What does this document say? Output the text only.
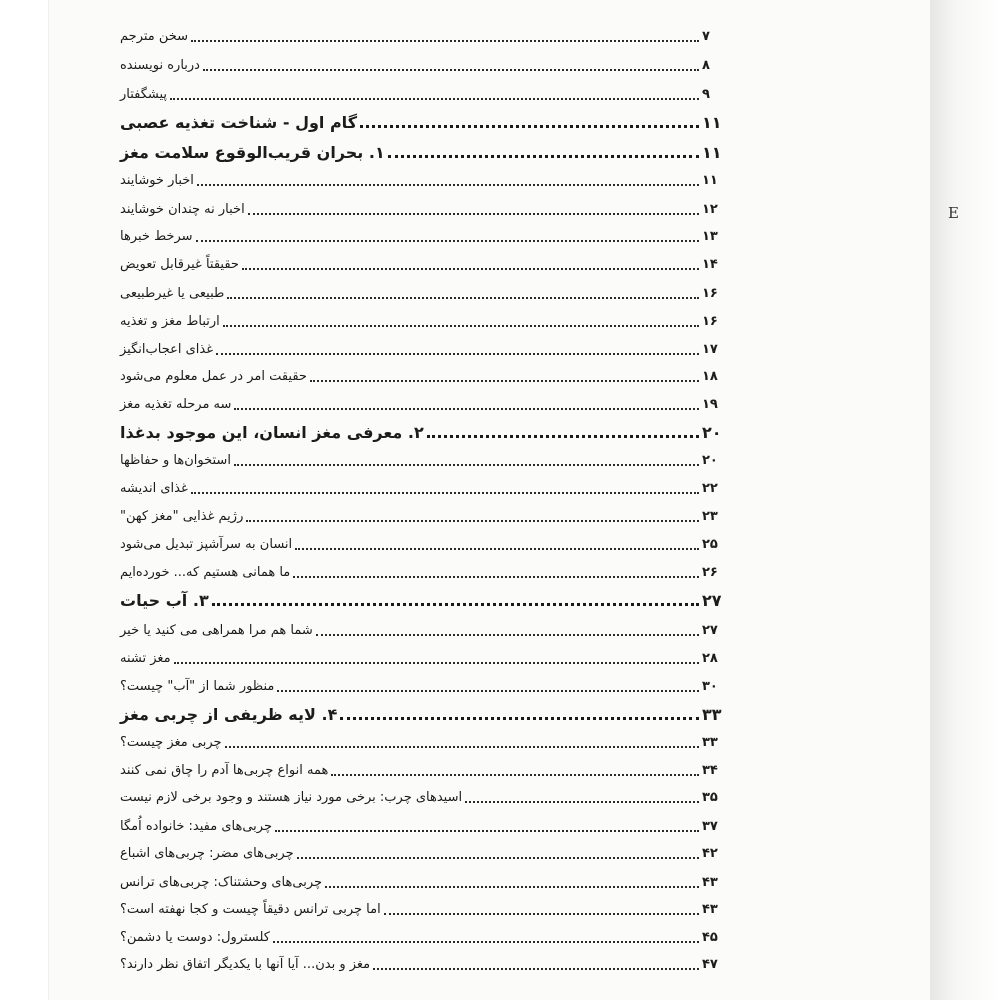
E
سخن مترجم	۷
درباره نویسنده	۸
پیشگفتار	۹
گام اول - شناخت تغذیه عصبی	۱۱
۱. بحران قریب‌الوقوع سلامت مغز	۱۱
اخبار خوشایند	۱۱
اخبار نه چندان خوشایند	۱۲
سرخط خبرها	۱۳
حقیقتاً غیرقابل تعویض	۱۴
طبیعی یا غیرطبیعی	۱۶
ارتباط مغز و تغذیه	۱۶
غذای اعجاب‌انگیز	۱۷
حقیقت امر در عمل معلوم می‌شود	۱۸
سه مرحله تغذیه مغز	۱۹
۲. معرفی مغز انسان، این موجود بدغذا	۲۰
استخوان‌ها و حفاظها	۲۰
غذای اندیشه	۲۲
رژیم غذایی "مغز کهن"	۲۳
انسان به سرآشپز تبدیل می‌شود	۲۵
ما همانی هستیم که... خورده‌ایم	۲۶
۳. آب حیات	۲۷
شما هم مرا همراهی می کنید یا خیر	۲۷
مغز تشنه	۲۸
منظور شما از "آب" چیست؟	۳۰
۴. لایه ظریفی از چربی مغز	۳۳
چربی مغز چیست؟	۳۳
همه انواع چربی‌ها آدم را چاق نمی کنند	۳۴
اسیدهای چرب: برخی مورد نیاز هستند و وجود برخی لازم نیست	۳۵
چربی‌های مفید: خانواده اُمگا	۳۷
چربی‌های مضر: چربی‌های اشباع	۴۲
چربی‌های وحشتناک: چربی‌های ترانس	۴۳
اما چربی ترانس دقیقاً چیست و کجا نهفته است؟	۴۳
کلسترول: دوست یا دشمن؟	۴۵
مغز و بدن... آیا آنها با یکدیگر اتفاق نظر دارند؟	۴۷
